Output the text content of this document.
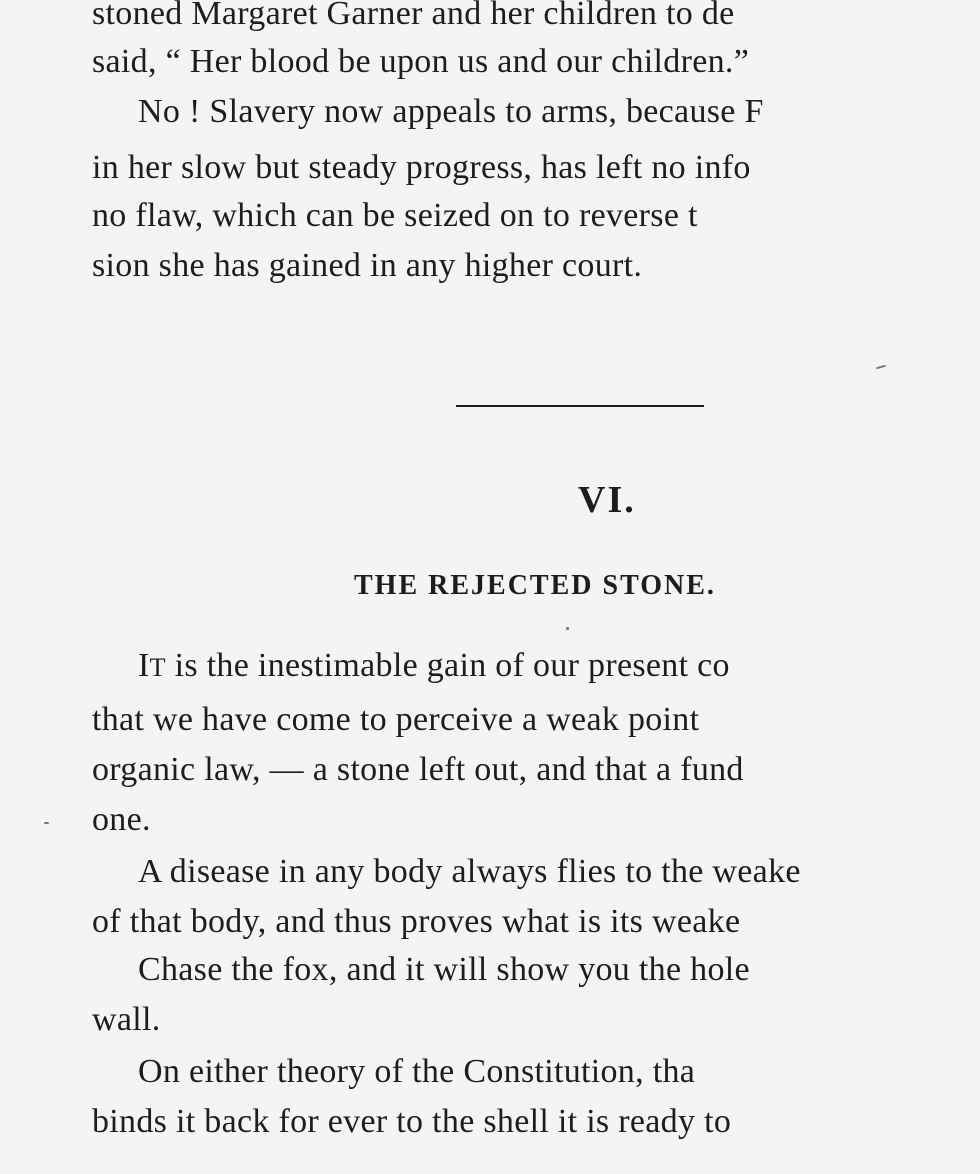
stoned Margaret Garner and her children to de
said, “ Her blood be upon us and our children.”
No ! Slavery now appeals to arms, because F
in her slow but steady progress, has left no info
no flaw, which can be seized on to reverse t
sion she has gained in any higher court.
VI.
THE REJECTED STONE.
IT is the inestimable gain of our present co
that we have come to perceive a weak point
organic law, — a stone left out, and that a fund
one.
A disease in any body always flies to the weake
of that body, and thus proves what is its weake
Chase the fox, and it will show you the hole
wall.
On either theory of the Constitution, tha
binds it back for ever to the shell it is ready to
